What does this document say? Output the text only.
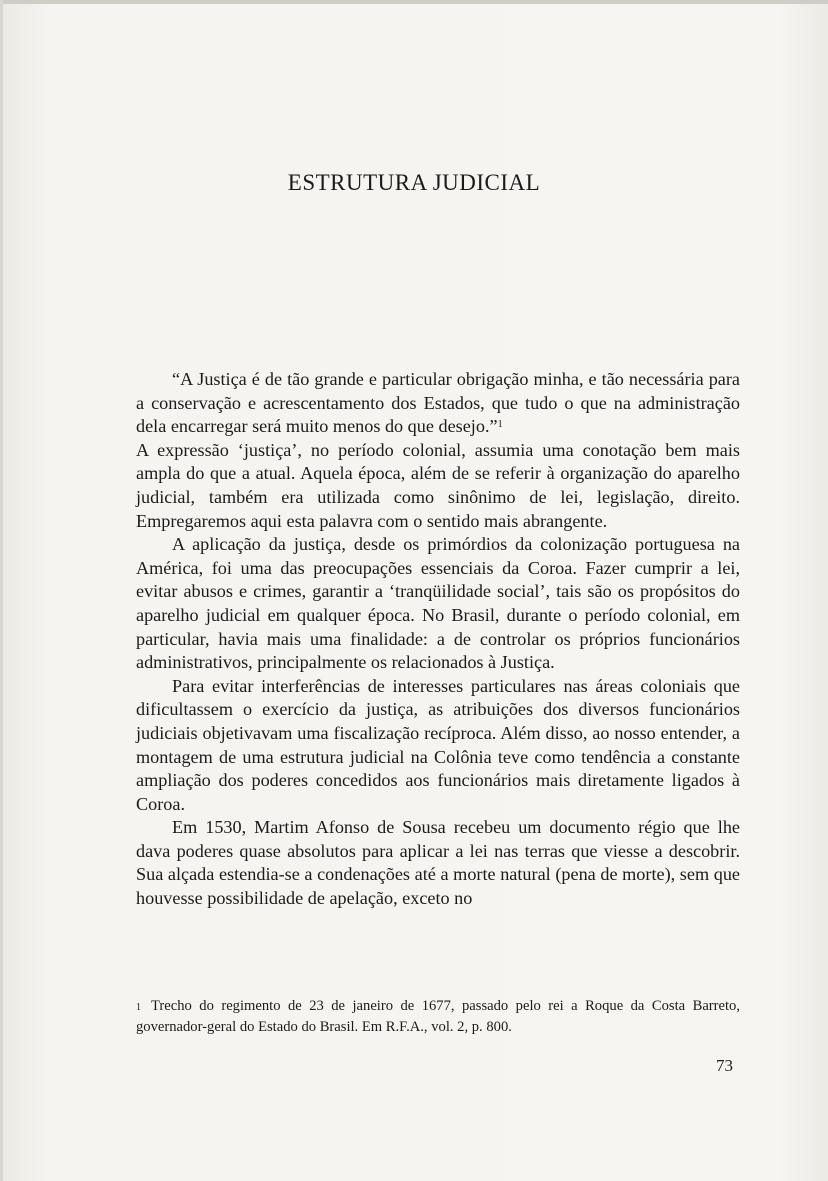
ESTRUTURA JUDICIAL

“A Justiça é de tão grande e particular obrigação minha, e tão necessária para a conservação e acrescentamento dos Estados, que tudo o que na administração dela encarregar será muito menos do que desejo.”$^1$

A expressão ‘justiça’, no período colonial, assumia uma conotação bem mais ampla do que a atual. Aquela época, além de se referir à organização do aparelho judicial, também era utilizada como sinônimo de lei, legislação, direito. Empregaremos aqui esta palavra com o sentido mais abrangente.

A aplicação da justiça, desde os primórdios da colonização portuguesa na América, foi uma das preocupações essenciais da Coroa. Fazer cumprir a lei, evitar abusos e crimes, garantir a ‘tranqüilidade social’, tais são os propósitos do aparelho judicial em qualquer época. No Brasil, durante o período colonial, em particular, havia mais uma finalidade: a de controlar os próprios funcionários administrativos, principalmente os relacionados à Justiça.

Para evitar interferências de interesses particulares nas áreas coloniais que dificultassem o exercício da justiça, as atribuições dos diversos funcionários judiciais objetivavam uma fiscalização recíproca. Além disso, ao nosso entender, a montagem de uma estrutura judicial na Colônia teve como tendência a constante ampliação dos poderes concedidos aos funcionários mais diretamente ligados à Coroa.

Em 1530, Martim Afonso de Sousa recebeu um documento régio que lhe dava poderes quase absolutos para aplicar a lei nas terras que viesse a descobrir. Sua alçada estendia-se a condenações até a morte natural (pena de morte), sem que houvesse possibilidade de apelação, exceto no

$^1$ Trecho do regimento de 23 de janeiro de 1677, passado pelo rei a Roque da Costa Barreto, governador-geral do Estado do Brasil. Em R.F.A., vol. 2, p. 800.

73
